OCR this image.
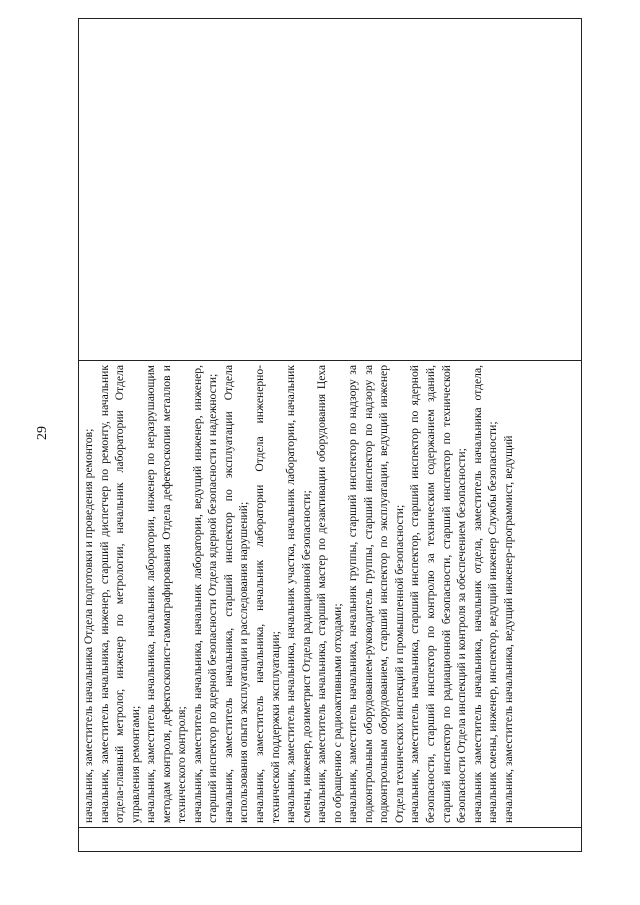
29
		начальник, заместитель начальника Отдела подготовки и проведения ремонтов; начальник, заместитель начальника, инженер, старший диспетчер по ремонту, начальник отдела-главный метролог, инженер по метрологии, начальник лаборатории Отдела управления ремонтами; начальник, заместитель начальника, начальник лаборатории, инженер по неразрушающим методам контроля, дефектоскопист-гаммаграфирования Отдела дефектоскопии металлов и технического контроля; начальник, заместитель начальника, начальник лаборатории, ведущий инженер, инженер, старший инспектор по ядерной безопасности Отдела ядерной безопасности и надежности; начальник, заместитель начальника, старший инспектор по эксплуатации Отдела использования опыта эксплуатации и расследования нарушений; начальник, заместитель начальника, начальник лаборатории Отдела инженерно-технической поддержки эксплуатации; начальник, заместитель начальника, начальник участка, начальник лаборатории, начальник смены, инженер, дозиметрист Отдела радиационной безопасности; начальник, заместитель начальника, старший мастер по дезактивации оборудования Цеха по обращению с радиоактивными отходами; начальник, заместитель начальника, начальник группы, старший инспектор по надзору за подконтрольным оборудованием-руководитель группы, старший инспектор по надзору за подконтрольным оборудованием, старший инспектор по эксплуатации, ведущий инженер Отдела технических инспекций и промышленной безопасности; начальник, заместитель начальника, старший инспектор, старший инспектор по ядерной безопасности, старший инспектор по контролю за техническим содержанием зданий, старший инспектор по радиационной безопасности, старший инспектор по технической безопасности Отдела инспекций и контроля за обеспечением безопасности; начальник заместитель начальника, начальник отдела, заместитель начальника отдела, начальник смены, инженер, инспектор, ведущий инженер Службы безопасности; начальник, заместитель начальника, ведущий инженер-программист, ведущий
